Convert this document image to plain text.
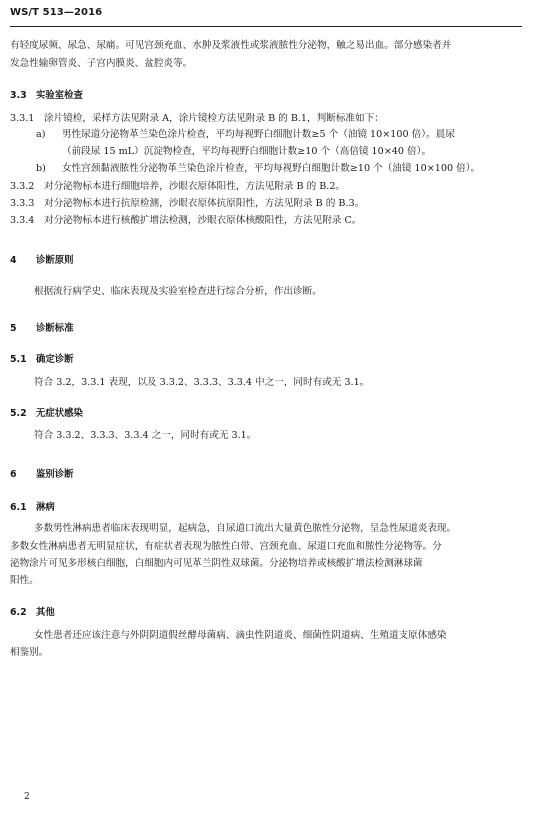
WS/T 513—2016
有轻度尿频、尿急、尿痛。可见宫颈充血、水肿及浆液性或浆液脓性分泌物，触之易出血。部分感染者并
发急性输卵管炎、子宫内膜炎、盆腔炎等。
3.3 实验室检查
3.3.1 涂片镜检，采样方法见附录 A，涂片镜检方法见附录 B 的 B.1，判断标准如下：
a) 男性尿道分泌物革兰染色涂片检查，平均每视野白细胞计数≥5 个（油镜 10×100 倍）。晨尿
（前段尿 15 mL）沉淀物检查，平均每视野白细胞计数≥10 个（高倍镜 10×40 倍）。
b) 女性宫颈黏液脓性分泌物革兰染色涂片检查，平均每视野白细胞计数≥10 个（油镜 10×100 倍）。
3.3.2 对分泌物标本进行细胞培养，沙眼衣原体阳性，方法见附录 B 的 B.2。
3.3.3 对分泌物标本进行抗原检测，沙眼衣原体抗原阳性，方法见附录 B 的 B.3。
3.3.4 对分泌物标本进行核酸扩增法检测，沙眼衣原体核酸阳性，方法见附录 C。
4 诊断原则
根据流行病学史、临床表现及实验室检查进行综合分析，作出诊断。
5 诊断标准
5.1 确定诊断
符合 3.2，3.3.1 表现，以及 3.3.2、3.3.3、3.3.4 中之一，同时有或无 3.1。
5.2 无症状感染
符合 3.3.2、3.3.3、3.3.4 之一，同时有或无 3.1。
6 鉴别诊断
6.1 淋病
多数男性淋病患者临床表现明显，起病急，自尿道口流出大量黄色脓性分泌物，呈急性尿道炎表现。
多数女性淋病患者无明显症状，有症状者表现为脓性白带、宫颈充血、尿道口充血和脓性分泌物等。分
泌物涂片可见多形核白细胞，白细胞内可见革兰阴性双球菌。分泌物培养或核酸扩增法检测淋球菌
阳性。
6.2 其他
女性患者还应该注意与外阴阴道假丝酵母菌病、滴虫性阴道炎、细菌性阴道病、生殖道支原体感染
相鉴别。
2
